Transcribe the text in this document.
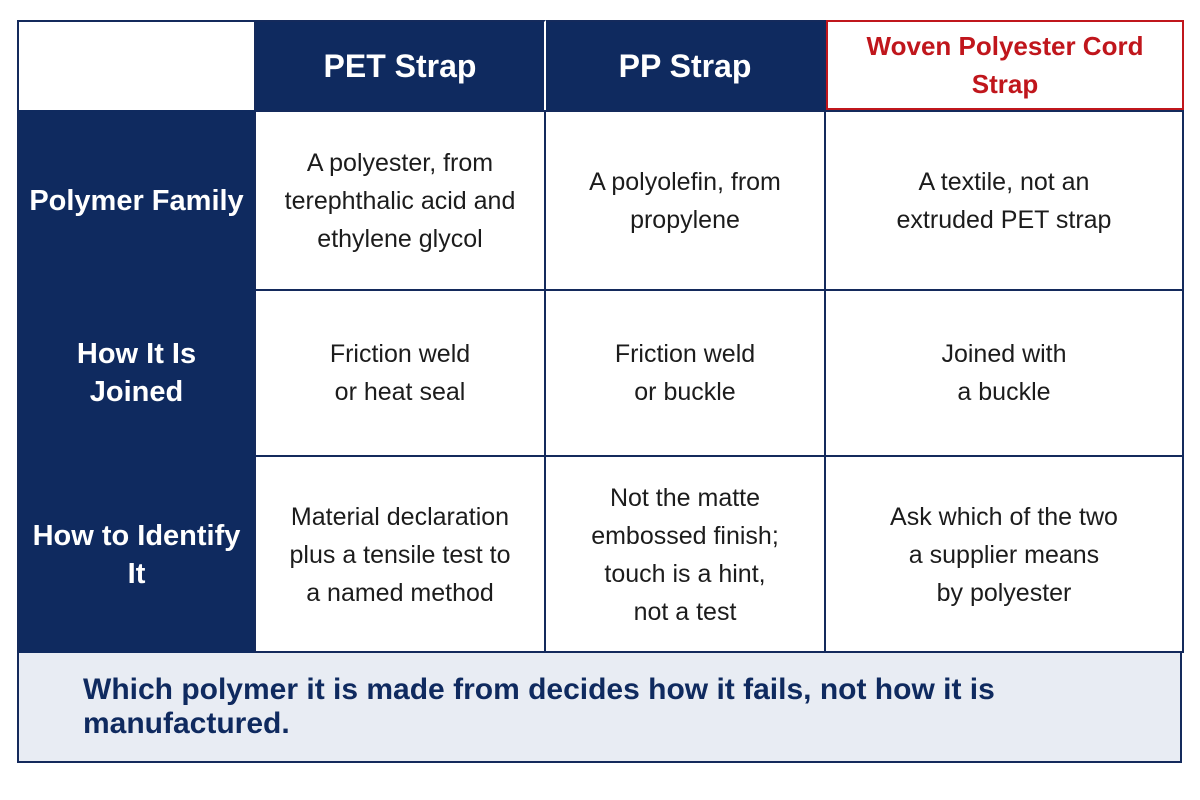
PET Strap	PP Strap
Woven Polyester Cord Strap
Polymer Family
A polyester, from
terephthalic acid and
ethylene glycol
A polyolefin, from
propylene
A textile, not an
extruded PET strap
How It Is Joined
Friction weld
or heat seal
Friction weld
or buckle
Joined with
a buckle
How to Identify It
Material declaration
plus a tensile test to
a named method
Not the matte
embossed finish;
touch is a hint,
not a test
Ask which of the two
a supplier means
by polyester
Which polymer it is made from decides how it fails, not how it is manufactured.
